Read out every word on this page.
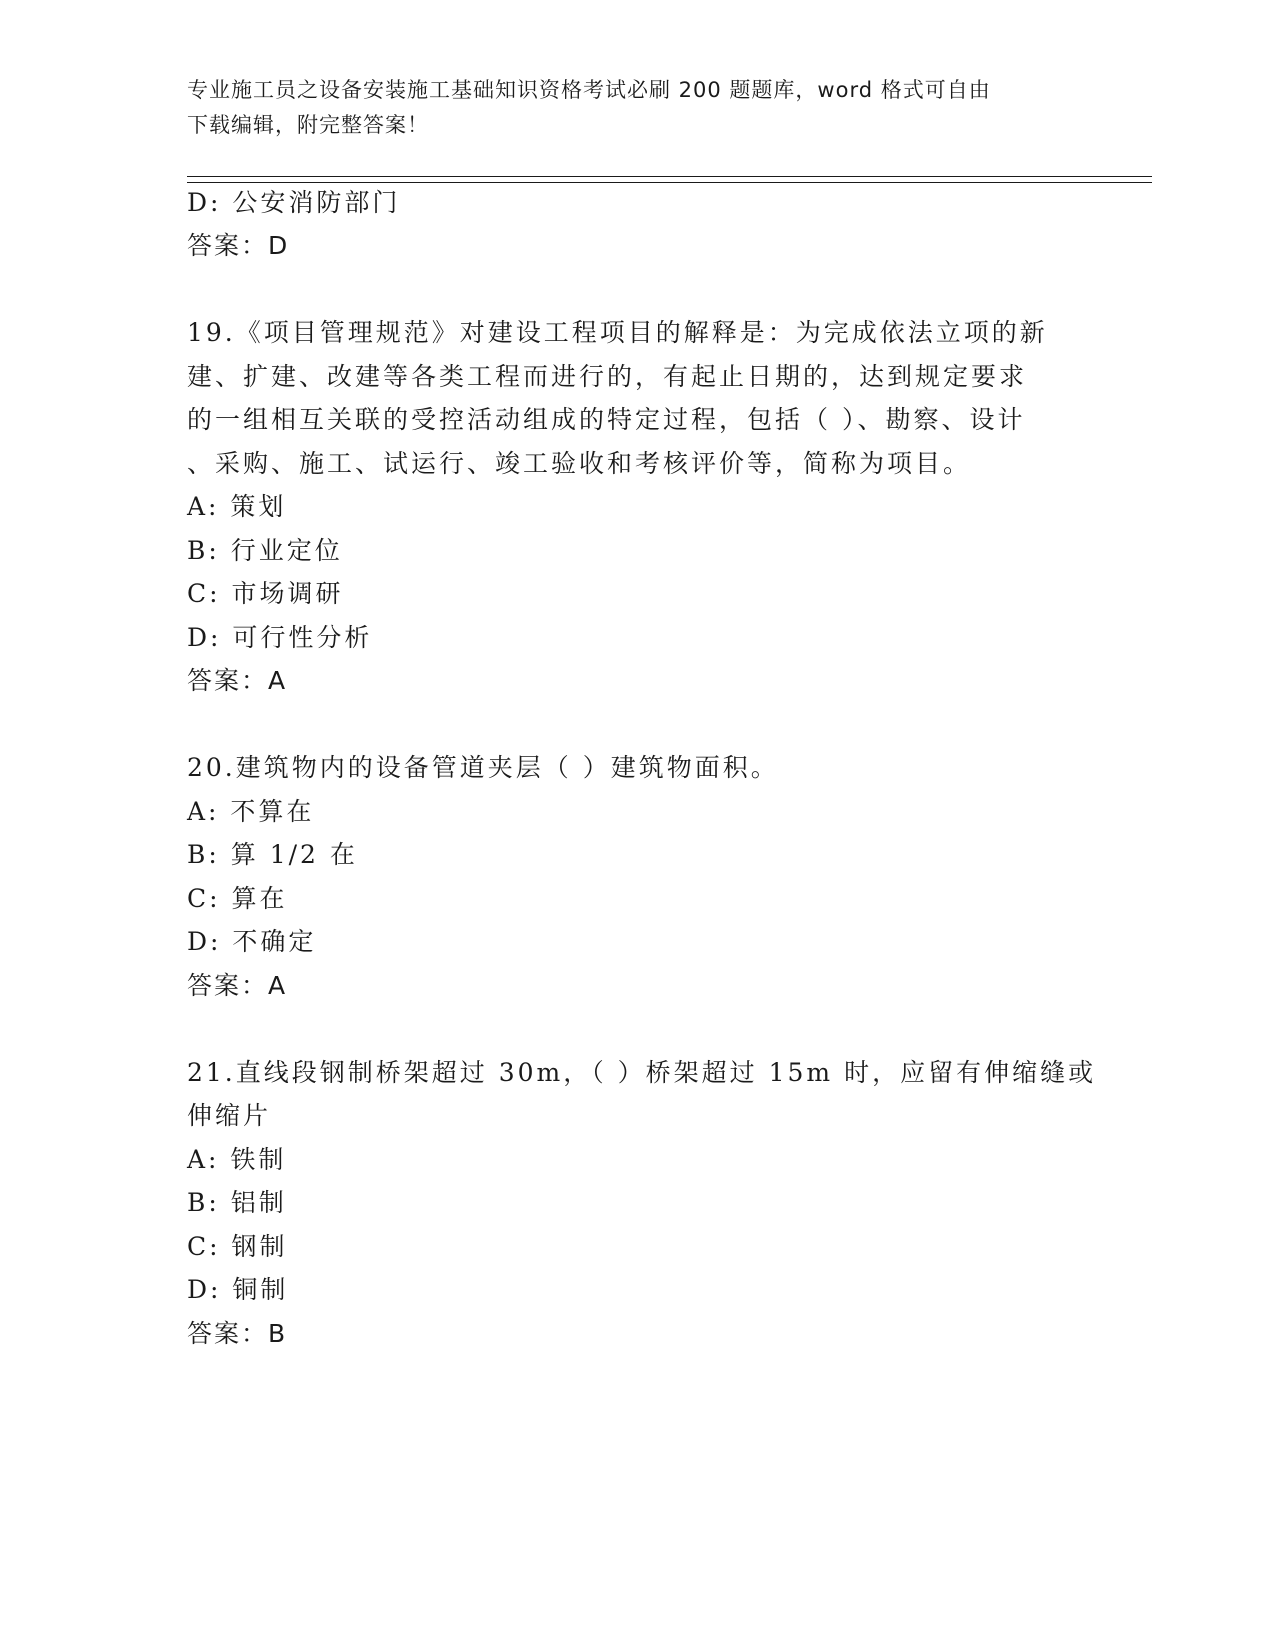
专业施工员之设备安装施工基础知识资格考试必刷 200 题题库，word 格式可自由
下载编辑，附完整答案！
D: 公安消防部门
答案：D
19.《项目管理规范》对建设工程项目的解释是：为完成依法立项的新
建、扩建、改建等各类工程而进行的，有起止日期的，达到规定要求
的一组相互关联的受控活动组成的特定过程，包括（ ）、勘察、设计
、采购、施工、试运行、竣工验收和考核评价等，简称为项目。
A: 策划
B: 行业定位
C: 市场调研
D: 可行性分析
答案：A
20.建筑物内的设备管道夹层（ ）建筑物面积。
A: 不算在
B: 算 1/2 在
C: 算在
D: 不确定
答案：A
21.直线段钢制桥架超过 30m，（ ）桥架超过 15m 时，应留有伸缩缝或
伸缩片
A: 铁制
B: 铝制
C: 钢制
D: 铜制
答案：B
